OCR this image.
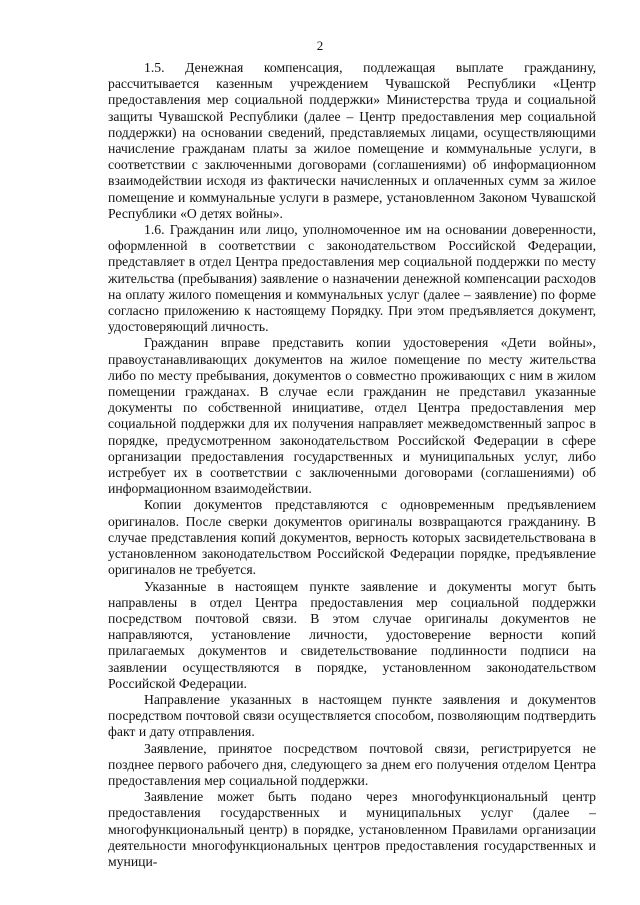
2

1.5. Денежная компенсация, подлежащая выплате гражданину, рассчитывается казенным учреждением Чувашской Республики «Центр предоставления мер социальной поддержки» Министерства труда и социальной защиты Чувашской Республики (далее – Центр предоставления мер социальной поддержки) на основании сведений, представляемых лицами, осуществляющими начисление гражданам платы за жилое помещение и коммунальные услуги, в соответствии с заключенными договорами (соглашениями) об информационном взаимодействии исходя из фактически начисленных и оплаченных сумм за жилое помещение и коммунальные услуги в размере, установленном Законом Чувашской Республики «О детях войны».

1.6. Гражданин или лицо, уполномоченное им на основании доверенности, оформленной в соответствии с законодательством Российской Федерации, представляет в отдел Центра предоставления мер социальной поддержки по месту жительства (пребывания) заявление о назначении денежной компенсации расходов на оплату жилого помещения и коммунальных услуг (далее – заявление) по форме согласно приложению к настоящему Порядку. При этом предъявляется документ, удостоверяющий личность.

Гражданин вправе представить копии удостоверения «Дети войны», правоустанавливающих документов на жилое помещение по месту жительства либо по месту пребывания, документов о совместно проживающих с ним в жилом помещении гражданах. В случае если гражданин не представил указанные документы по собственной инициативе, отдел Центра предоставления мер социальной поддержки для их получения направляет межведомственный запрос в порядке, предусмотренном законодательством Российской Федерации в сфере организации предоставления государственных и муниципальных услуг, либо истребует их в соответствии с заключенными договорами (соглашениями) об информационном взаимодействии.

Копии документов представляются с одновременным предъявлением оригиналов. После сверки документов оригиналы возвращаются гражданину. В случае представления копий документов, верность которых засвидетельствована в установленном законодательством Российской Федерации порядке, предъявление оригиналов не требуется.

Указанные в настоящем пункте заявление и документы могут быть направлены в отдел Центра предоставления мер социальной поддержки посредством почтовой связи. В этом случае оригиналы документов не направляются, установление личности, удостоверение верности копий прилагаемых документов и свидетельствование подлинности подписи на заявлении осуществляются в порядке, установленном законодательством Российской Федерации.

Направление указанных в настоящем пункте заявления и документов посредством почтовой связи осуществляется способом, позволяющим подтвердить факт и дату отправления.

Заявление, принятое посредством почтовой связи, регистрируется не позднее первого рабочего дня, следующего за днем его получения отделом Центра предоставления мер социальной поддержки.

Заявление может быть подано через многофункциональный центр предоставления государственных и муниципальных услуг (далее – многофункциональный центр) в порядке, установленном Правилами организации деятельности многофункциональных центров предоставления государственных и муници-
